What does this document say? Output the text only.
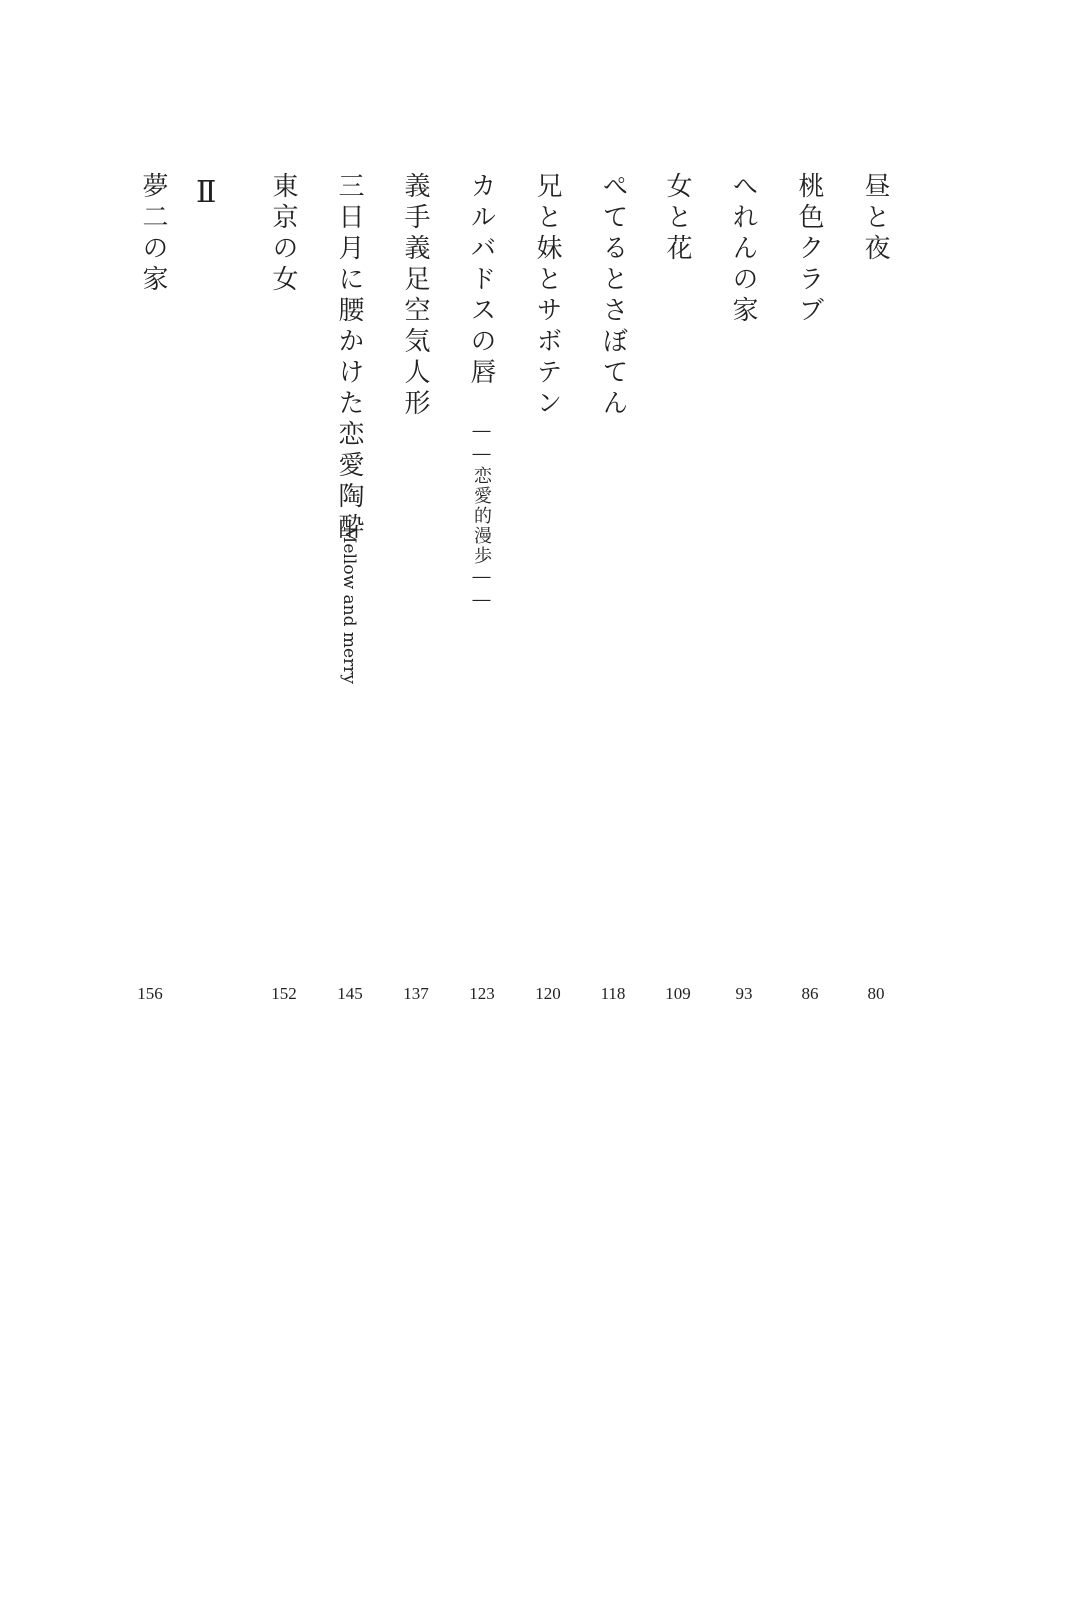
昼と夜
80
桃色クラブ
86
へれんの家
93
女と花
109
ぺてるとさぼてん
118
兄と妹とサボテン
120
カルバドスの唇
――恋愛的漫歩――
123
義手義足空気人形
137
三日月に腰かけた恋愛陶酔
Mellow and merry
145
東京の女
152
Ⅱ
夢二の家
156
